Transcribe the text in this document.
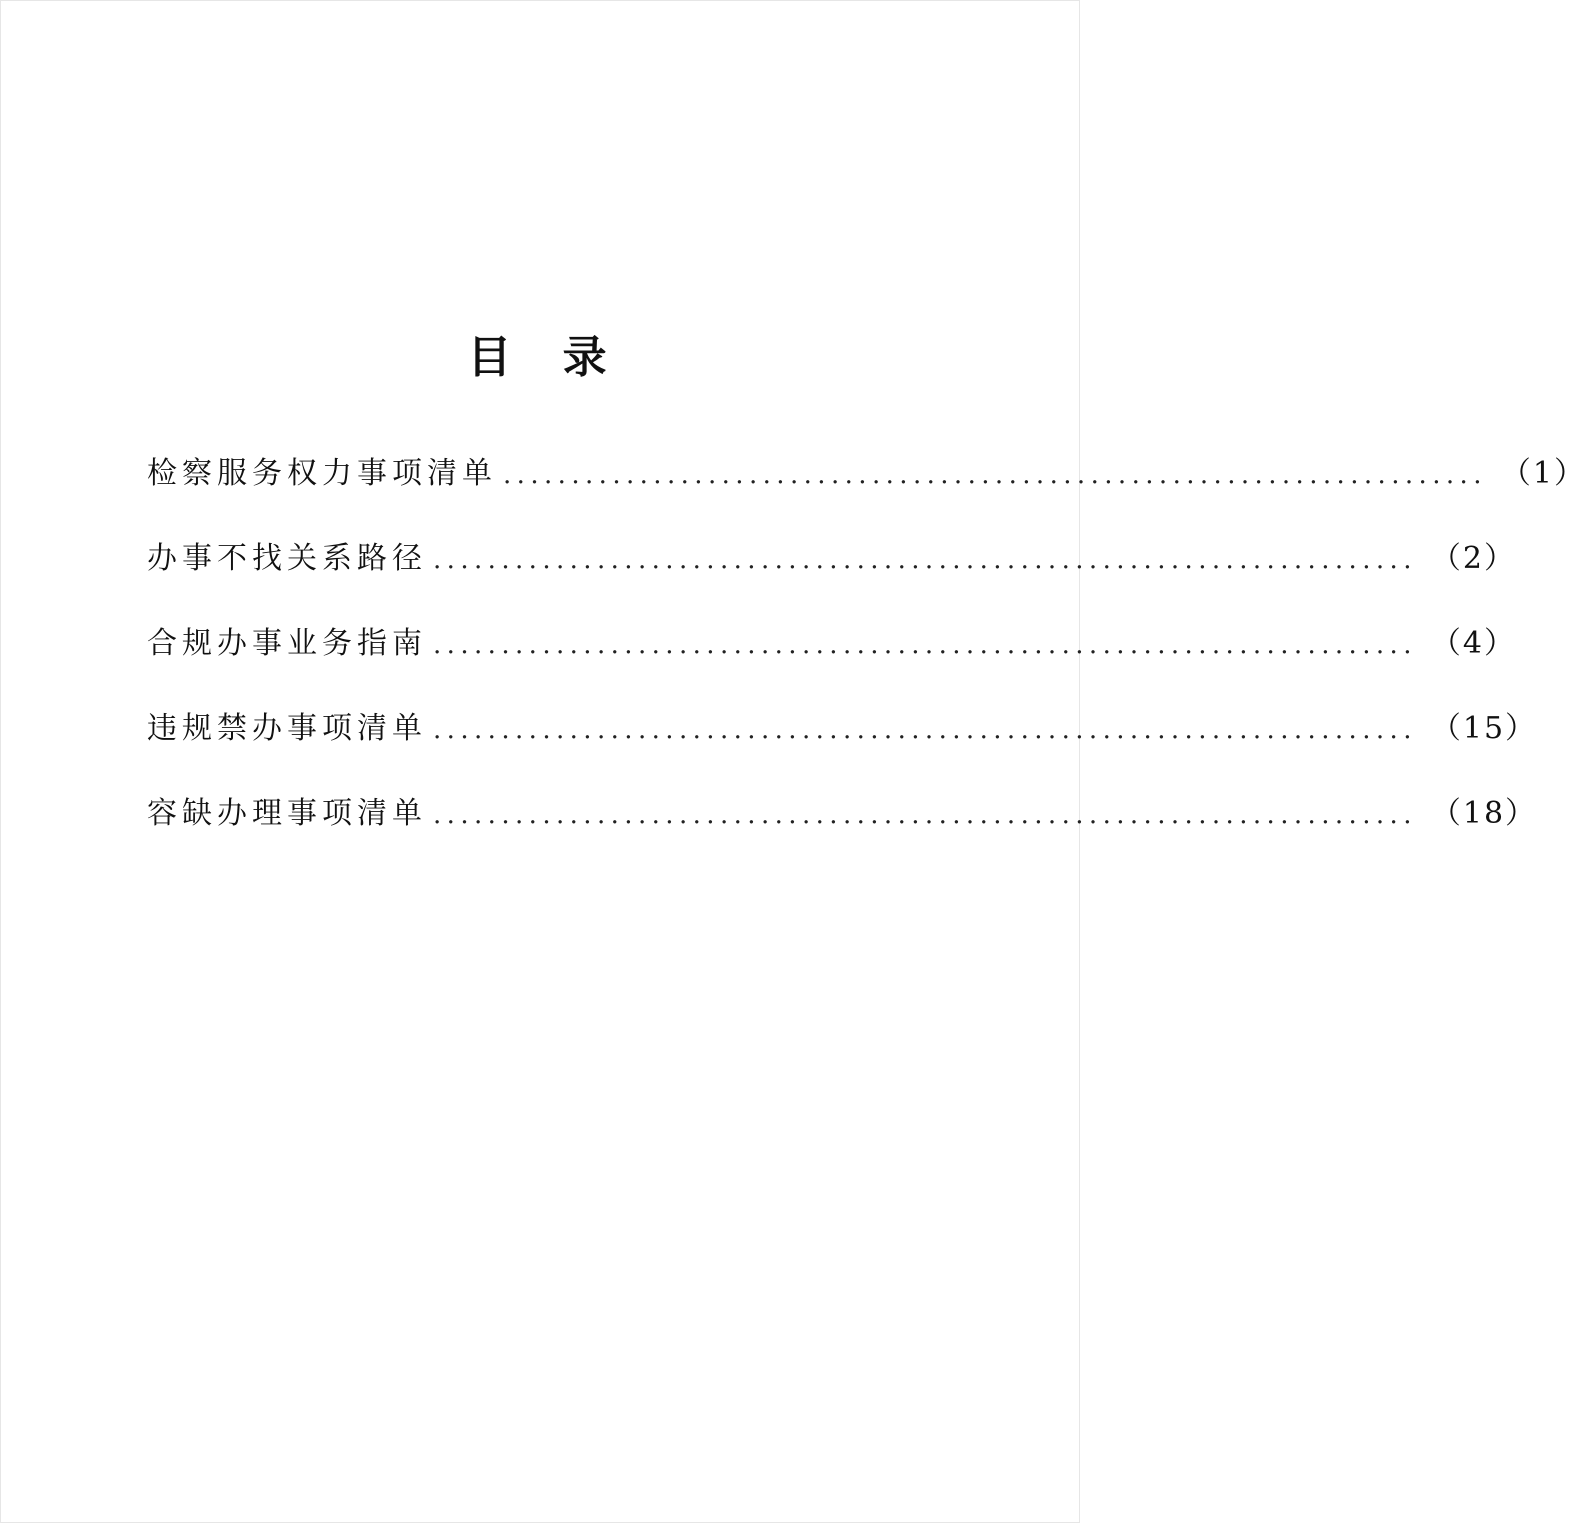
目 录
检察服务权力事项清单 ........................................................................ （1）
办事不找关系路径 ........................................................................ （2）
合规办事业务指南 ........................................................................ （4）
违规禁办事项清单 ........................................................................ （15）
容缺办理事项清单 ........................................................................ （18）
